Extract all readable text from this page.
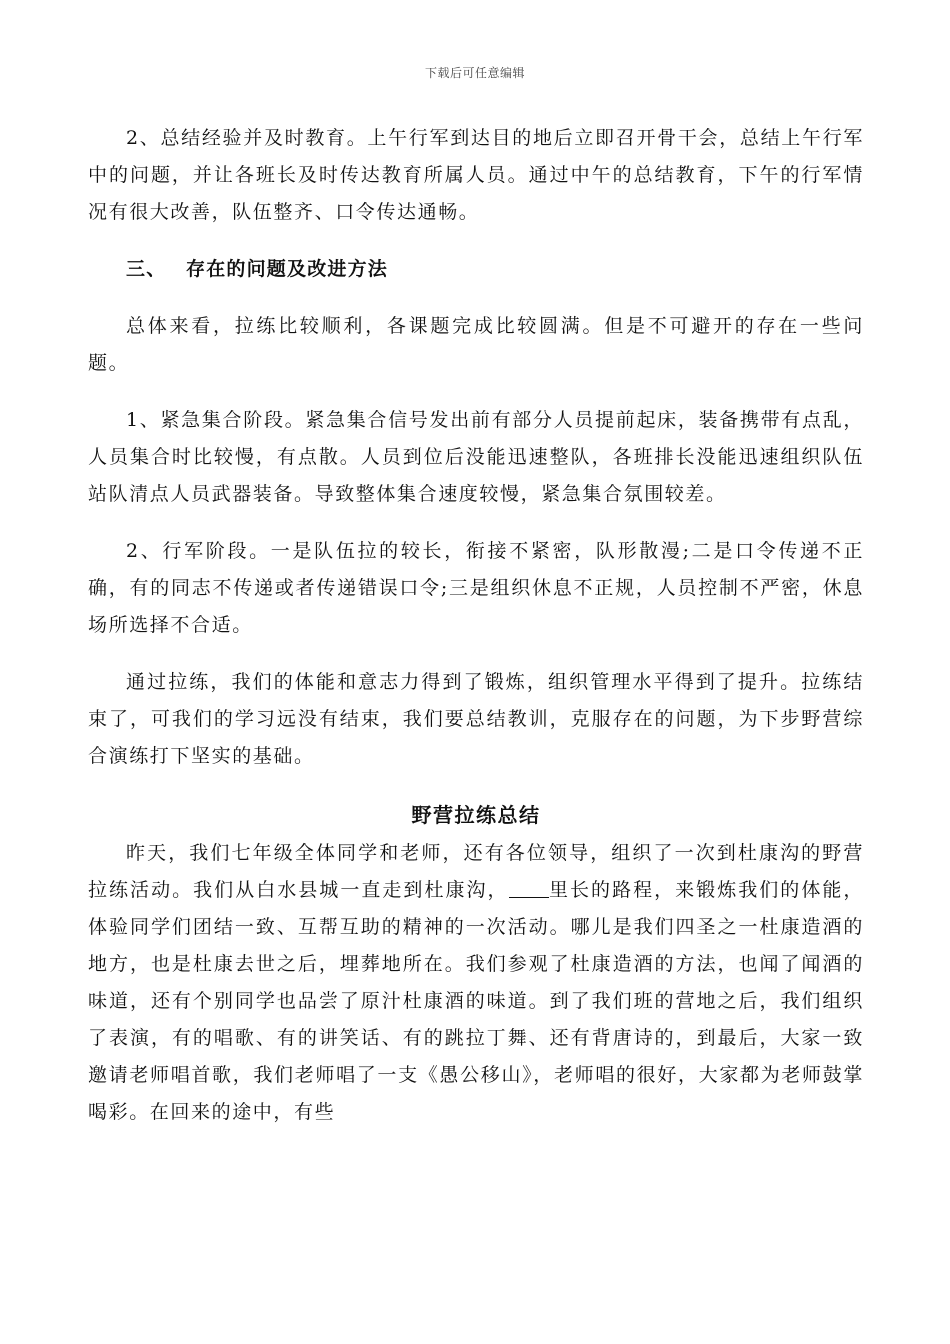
下载后可任意编辑

2、总结经验并及时教育。上午行军到达目的地后立即召开骨干会，总结上午行军中的问题，并让各班长及时传达教育所属人员。通过中午的总结教育，下午的行军情况有很大改善，队伍整齐、口令传达通畅。

三、 存在的问题及改进方法

总体来看，拉练比较顺利，各课题完成比较圆满。但是不可避开的存在一些问题。

1、紧急集合阶段。紧急集合信号发出前有部分人员提前起床，装备携带有点乱，人员集合时比较慢，有点散。人员到位后没能迅速整队，各班排长没能迅速组织队伍站队清点人员武器装备。导致整体集合速度较慢，紧急集合氛围较差。

2、行军阶段。一是队伍拉的较长，衔接不紧密，队形散漫;二是口令传递不正确，有的同志不传递或者传递错误口令;三是组织休息不正规，人员控制不严密，休息场所选择不合适。

通过拉练，我们的体能和意志力得到了锻炼，组织管理水平得到了提升。拉练结束了，可我们的学习远没有结束，我们要总结教训，克服存在的问题，为下步野营综合演练打下坚实的基础。

野营拉练总结

昨天，我们七年级全体同学和老师，还有各位领导，组织了一次到杜康沟的野营拉练活动。我们从白水县城一直走到杜康沟， 里长的路程，来锻炼我们的体能，体验同学们团结一致、互帮互助的精神的一次活动。哪儿是我们四圣之一杜康造酒的地方，也是杜康去世之后，埋葬地所在。我们参观了杜康造酒的方法，也闻了闻酒的味道，还有个别同学也品尝了原汁杜康酒的味道。到了我们班的营地之后，我们组织了表演，有的唱歌、有的讲笑话、有的跳拉丁舞、还有背唐诗的，到最后，大家一致邀请老师唱首歌，我们老师唱了一支《愚公移山》，老师唱的很好，大家都为老师鼓掌喝彩。在回来的途中，有些
